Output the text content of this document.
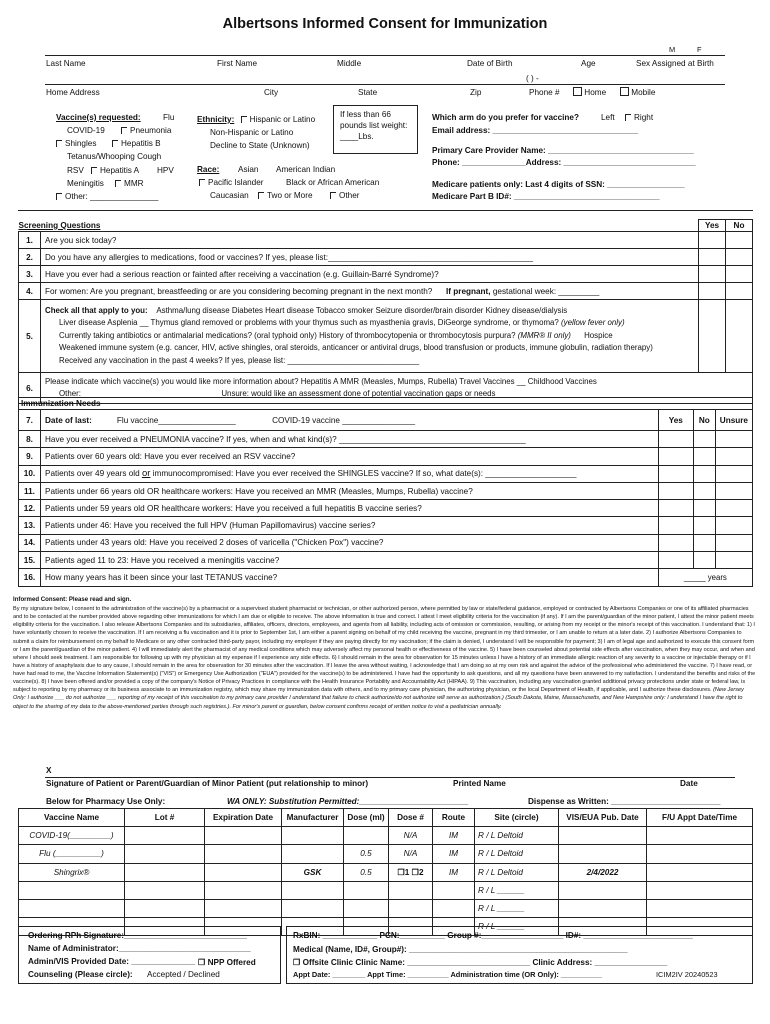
Albertsons Informed Consent for Immunization
M	F
Last Name	First Name	Middle	Date of Birth	Age	Sex Assigned at Birth
( ) -
Home Address	City	State	Zip	Phone #	Home	Mobile
Vaccine(s) requested:	Flu
COVID-19	Pneumonia
Shingles	Hepatitis B
Tetanus/Whooping Cough
RSV	Hepatitis A HPV
Meningitis	MMR
Other: _______________
Ethnicity: Hispanic or Latino
Non-Hispanic or Latino
Decline to State (Unknown)
Race: Asian American Indian
Pacific Islander	Black or African American
Caucasian	Two or More	Other
If less than 66 pounds list weight: ____Lbs.
Which arm do you prefer for vaccine?	Left	Right
Email address: ________________________________
Primary Care Provider Name: ________________________________
Phone: ______________Address: _____________________________
Medicare patients only: Last 4 digits of SSN: _________________
Medicare Part B ID#: ________________________________
Screening Questions		Yes	No
1.	Are you sick today?		
2.	Do you have any allergies to medications, food or vaccines? If yes, please list:_____________________________________________		
3.	Have you ever had a serious reaction or fainted after receiving a vaccination (e.g. Guillain-Barré Syndrome)?		
4.	For women: Are you pregnant, breastfeeding or are you considering becoming pregnant in the next month? If pregnant, gestational week: _________		
5.	Check all that apply to you: Asthma/lung disease Diabetes Heart disease Tobacco smoker Seizure disorder/brain disorder Kidney disease/dialysis
Liver disease Asplenia __ Thymus gland removed or problems with your thymus such as myasthenia gravis, DiGeorge syndrome, or thymoma? (yellow fever only)
Currently taking antibiotics or antimalarial medications? (oral typhoid only) History of thrombocytopenia or thrombocytosis purpura? (MMR® II only) Hospice
Weakened immune system (e.g. cancer, HIV, active shingles, oral steroids, anticancer or antiviral drugs, blood transfusion or products, immune globulin, radiation therapy)
Received any vaccination in the past 4 weeks? If yes, please list: ______________________________		
6.	Please indicate which vaccine(s) you would like more information about? Hepatitis A MMR (Measles, Mumps, Rubella) Travel Vaccines __ Childhood Vaccines
Other: _______________________________ Unsure: would like an assessment done of potential vaccination gaps or needs		
Immunization Needs				
7.	Date of last: Flu vaccine_________________ COVID-19 vaccine ________________	Yes	No	Unsure
8.	Have you ever received a PNEUMONIA vaccine? If yes, when and what kind(s)? _________________________________________			
9.	Patients over 60 years old: Have you ever received an RSV vaccine?			
10.	Patients over 49 years old or immunocompromised: Have you ever received the SHINGLES vaccine? If so, what date(s): ____________________			
11.	Patients under 66 years old OR healthcare workers: Have you received an MMR (Measles, Mumps, Rubella) vaccine?			
12.	Patients under 59 years old OR healthcare workers: Have you received a full hepatitis B vaccine series?			
13.	Patients under 46: Have you received the full HPV (Human Papillomavirus) vaccine series?			
14.	Patients under 43 years old: Have you received 2 doses of varicella ("Chicken Pox") vaccine?			
15.	Patients aged 11 to 23: Have you received a meningitis vaccine?			
16.	How many years has it been since your last TETANUS vaccine?	_____ years		
Informed Consent: Please read and sign.
By my signature below, I consent to the administration of the vaccine(s) by a pharmacist or a supervised student pharmacist or technician, or other authorized person, where permitted by law or state/federal guidance, employed or contracted by Albertsons Companies or one of its affiliated pharmacies and to be contacted at the number provided above regarding other immunizations for which I am due or eligible to receive. The above information is true and correct. I attest I meet eligibility criteria for the vaccination (if any). If I am the parent/guardian of the minor patient, I attest the minor patient meets eligibility criteria for the vaccination. I also release Albertsons Companies and its subsidiaries, affiliates, officers, directors, employees, and agents from all liability, including acts of omission or commission, resulting, or arising from my receipt or the minor's receipt of this vaccination. I understand that: 1) I have voluntarily chosen to receive the vaccination. If I am receiving a flu vaccination and it is prior to September 1st, I am either a parent signing on behalf of my child receiving the vaccine, pregnant in my third trimester, or I am unable to return at a later date. 2) I authorize Albertsons Companies to submit a claim for reimbursement on my behalf to Medicare or any other contracted third-party payor, including my employer if they are paying directly for my vaccination; if the claim is denied, I understand I will be responsible for payment; 3) I am of legal age and authorized to execute this consent form or I am the parent/guardian of the minor patient. 4) I will immediately alert the pharmacist of any medical conditions which may adversely affect my personal health or effectiveness of the vaccine. 5) I have been counseled about potential side effects after vaccination, when they may occur, and when and where I should seek treatment. I am responsible for following up with my physician at my expense if I experience any side effects. 6) I should remain in the area for observation for 15 minutes unless I have a history of an immediate allergic reaction of any severity to a vaccine or injectable therapy or if I have a history of anaphylaxis due to any cause, I should remain in the area for observation for 30 minutes after the vaccination. If I leave the area without waiting, I acknowledge that I am doing so at my own risk and against the advice of the professional who administered the vaccine. 7) I have read, or have had read to me, the Vaccine Information Statement(s) ("VIS") or Emergency Use Authorization ("EUA") provided for the vaccine(s) to be administered. I have had the opportunity to ask questions, and all my questions have been answered to my satisfaction. I understand the benefits and risks of the vaccine(s). 8) I have been offered and/or provided a copy of the company's Notice of Privacy Practices in compliance with the Health Insurance Portability and Accountability Act (HIPAA). 9) This vaccination, including any vaccination granted additional privacy protections under state or federal law, is subject to reporting by my pharmacy or its business associate to an immunization registry, which may share my immunization data with others, and to my primary care physician, the authorizing physician, or the local Department of Health, if applicable, and I authorize these disclosures. (New Jersey Only: I authorize ___ do not authorize ___ reporting of my receipt of this vaccination to my primary care provider I understand that failure to check authorize/do not authorize will serve as authorization.) (South Dakota, Maine, Massachusetts, and New Hampshire only: I understand I have the right to object to the sharing of my data to the above-mentioned parties through such registries.). For minor's parent or guardian, below consent confirms receipt of written notice to visit a pediatrician annually.
X
Signature of Patient or Parent/Guardian of Minor Patient (put relationship to minor)	Printed Name	Date
Below for Pharmacy Use Only:	WA ONLY: Substitution Permitted:________________________	Dispense as Written: ________________________
Vaccine Name	Lot #	Expiration Date	Manufacturer	Dose (ml)	Dose #	Route	Site (circle)	VIS/EUA Pub. Date	F/U Appt Date/Time
COVID-19(_________)					N/A	IM	R / L Deltoid		
Flu (__________)				0.5	N/A	IM	R / L Deltoid		
Shingrix®			GSK	0.5	❒1 ❒2	IM	R / L Deltoid	2/4/2022	
							R / L ______		
							R / L ______		
							R / L ______		
Ordering RPh Signature:___________________________
Name of Administrator:_____________________________
Admin/VIS Provided Date: ______________ ❒ NPP Offered
Counseling (Please circle): Accepted / Declined
RxBIN: ____________ PCN:__________ Group #:__________________ ID#: ________________________
Medical (Name, ID#, Group#): ________________________________________________
❒ Offsite Clinic Clinic Name: ___________________________ Clinic Address: ________________
Appt Date: ________ Appt Time: __________ Administration time (OR Only): __________	ICIM2IV 20240523
